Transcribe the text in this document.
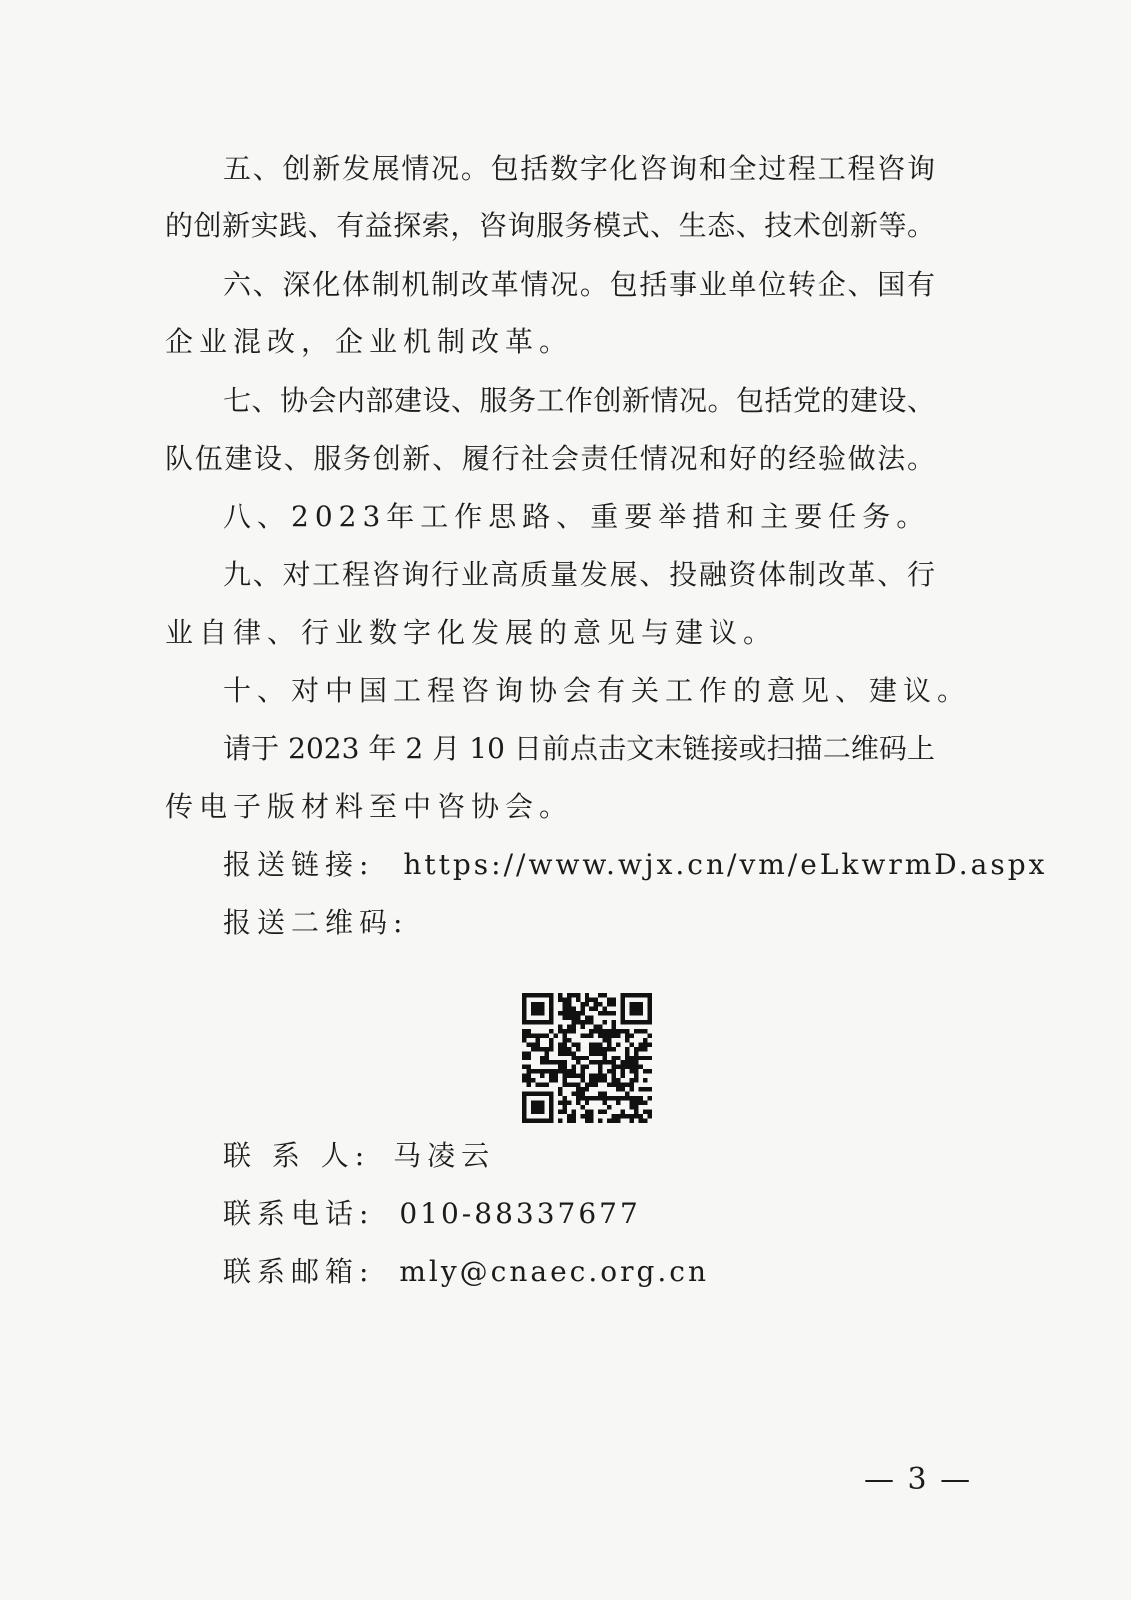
五、创新发展情况。包括数字化咨询和全过程工程咨询
的创新实践、有益探索，咨询服务模式、生态、技术创新等。
六、深化体制机制改革情况。包括事业单位转企、国有
企业混改，企业机制改革。
七、协会内部建设、服务工作创新情况。包括党的建设、
队伍建设、服务创新、履行社会责任情况和好的经验做法。
八、2023年工作思路、重要举措和主要任务。
九、对工程咨询行业高质量发展、投融资体制改革、行
业自律、行业数字化发展的意见与建议。
十、对中国工程咨询协会有关工作的意见、建议。
请于 2023 年 2 月 10 日前点击文末链接或扫描二维码上
传电子版材料至中咨协会。
报送链接: https://www.wjx.cn/vm/eLkwrmD.aspx
报送二维码:
联 系 人: 马凌云
联系电话: 010-88337677
联系邮箱: mly@cnaec.org.cn
— 3 —
